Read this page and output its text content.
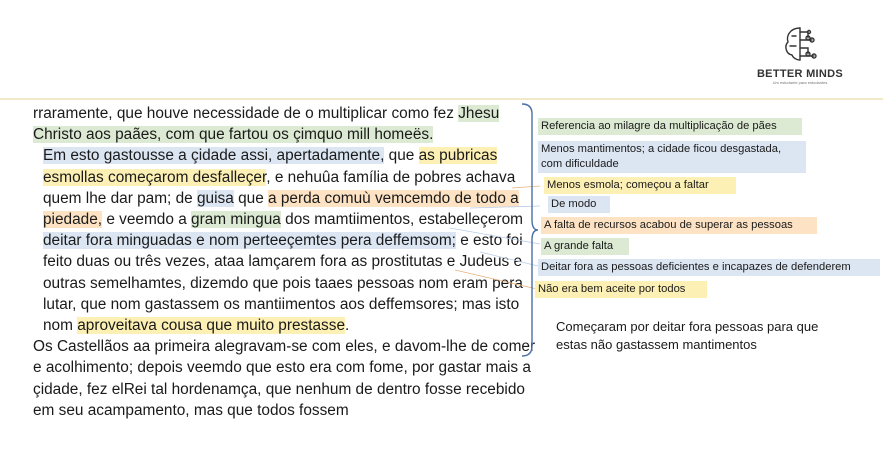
BETTER MINDS
Um estudante para estudantes

rraramente, que houve necessidade de o multiplicar como fez Jhesu Christo aos paães, com que fartou os çimquo mill homeës.

Em esto gastousse a çidade assi, apertadamente, que as pubricas esmollas começarom desfalleçer, e nehuûa família de pobres achava quem lhe dar pam; de guisa que a perda comuù vemcemdo de todo a piedade, e veemdo a gram mingua dos mamtiimentos, estabelleçerom deitar fora minguadas e nom perteeçemtes pera deffemsom; e esto foi feito duas ou três vezes, ataa lamçarem fora as prostitutas e Judeus e outras semelhamtes, dizemdo que pois taaes pessoas nom eram pera lutar, que nom gastassem os mantiimentos aos deffemsores; mas isto nom aproveitava cousa que muito prestasse.

Os Castellãos aa primeira alegravam-se com eles, e davom-lhe de comer e acolhimento; depois veemdo que esto era com fome, por gastar mais a çidade, fez elRei tal hordenamça, que nenhum de dentro fosse recebido em seu acampamento, mas que todos fossem

Referencia ao milagre da multiplicação de pães
Menos mantimentos; a cidade ficou desgastada, com dificuldade
Menos esmola; começou a faltar
De modo
A falta de recursos acabou de superar as pessoas
A grande falta
Deitar fora as pessoas deficientes e incapazes de defenderem
Não era bem aceite por todos
Começaram por deitar fora pessoas para que estas não gastassem mantimentos
